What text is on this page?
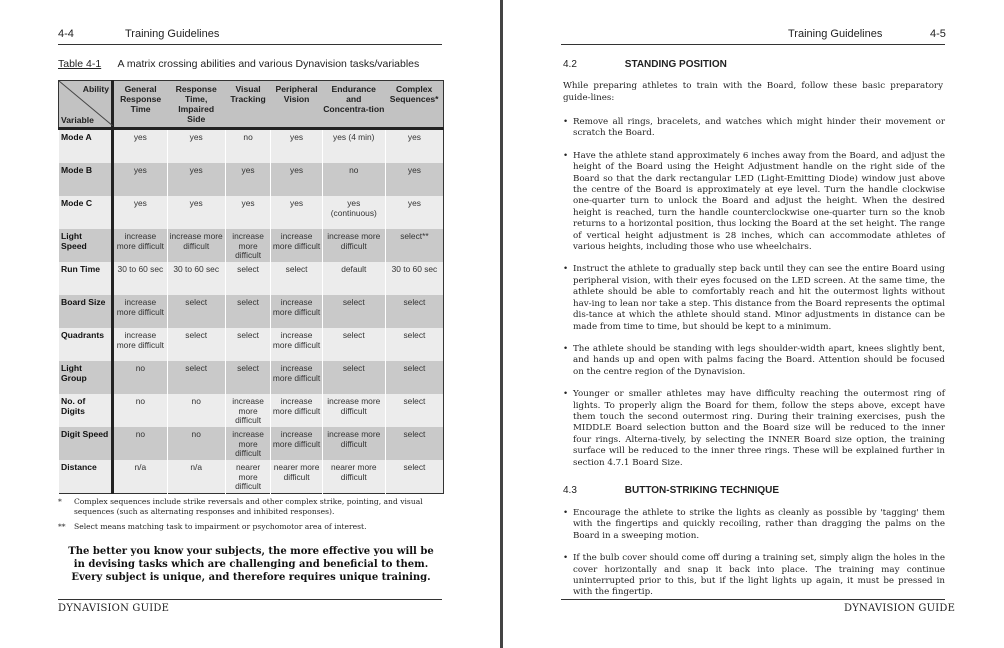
4-4	Training Guidelines
Table 4-1 A matrix crossing abilities and various Dynavision tasks/variables
Ability
Variable	General Response Time	Response Time, Impaired Side	Visual Tracking	Peripheral Vision	Endurance and Concentra-tion	Complex Sequences*
Mode A	yes	yes	no	yes	yes (4 min)	yes
Mode B	yes	yes	yes	yes	no	yes
Mode C	yes	yes	yes	yes	yes (continuous)	yes
Light Speed	increase more difficult	increase more difficult	increase more difficult	increase more difficult	increase more difficult	select**
Run Time	30 to 60 sec	30 to 60 sec	select	select	default	30 to 60 sec
Board Size	increase more difficult	select	select	increase more difficult	select	select
Quadrants	increase more difficult	select	select	increase more difficult	select	select
Light Group	no	select	select	increase more difficult	select	select
No. of Digits	no	no	increase more difficult	increase more difficult	increase more difficult	select
Digit Speed	no	no	increase more difficult	increase more difficult	increase more difficult	select
Distance	n/a	n/a	nearer more difficult	nearer more difficult	nearer more difficult	select
*	Complex sequences include strike reversals and other complex strike, pointing, and visual sequences (such as alternating responses and inhibited responses).
**	Select means matching task to impairment or psychomotor area of interest.
The better you know your subjects, the more effective you will be in devising tasks which are challenging and beneficial to them. Every subject is unique, and therefore requires unique training.
DYNAVISION GUIDE
Training Guidelines	4-5
4.2	STANDING POSITION

While preparing athletes to train with the Board, follow these basic preparatory guide-lines:

• Remove all rings, bracelets, and watches which might hinder their movement or scratch the Board.
• Have the athlete stand approximately 6 inches away from the Board, and adjust the height of the Board using the Height Adjustment handle on the right side of the Board so that the dark rectangular LED (Light-Emitting Diode) window just above the centre of the Board is approximately at eye level. Turn the handle clockwise one-quarter turn to unlock the Board and adjust the height. When the desired height is reached, turn the handle counterclockwise one-quarter turn so the knob returns to a horizontal position, thus locking the Board at the set height. The range of vertical height adjustment is 28 inches, which can accommodate athletes of various heights, including those who use wheelchairs.
• Instruct the athlete to gradually step back until they can see the entire Board using peripheral vision, with their eyes focused on the LED screen. At the same time, the athlete should be able to comfortably reach and hit the outermost lights without hav-ing to lean nor take a step. This distance from the Board represents the optimal dis-tance at which the athlete should stand. Minor adjustments in distance can be made from time to time, but should be kept to a minimum.
• The athlete should be standing with legs shoulder-width apart, knees slightly bent, and hands up and open with palms facing the Board. Attention should be focused on the centre region of the Dynavision.
• Younger or smaller athletes may have difficulty reaching the outermost ring of lights. To properly align the Board for them, follow the steps above, except have them touch the second outermost ring. During their training exercises, push the MIDDLE Board selection button and the Board size will be reduced to the inner four rings. Alterna-tively, by selecting the INNER Board size option, the training surface will be reduced to the inner three rings. These will be explained further in section 4.7.1 Board Size.
4.3	BUTTON-STRIKING TECHNIQUE
• Encourage the athlete to strike the lights as cleanly as possible by 'tagging' them with the fingertips and quickly recoiling, rather than dragging the palms on the Board in a sweeping motion.
• If the bulb cover should come off during a training set, simply align the holes in the cover horizontally and snap it back into place. The training may continue uninterrupted prior to this, but if the light lights up again, it must be pressed in with the fingertip.
DYNAVISION GUIDE
